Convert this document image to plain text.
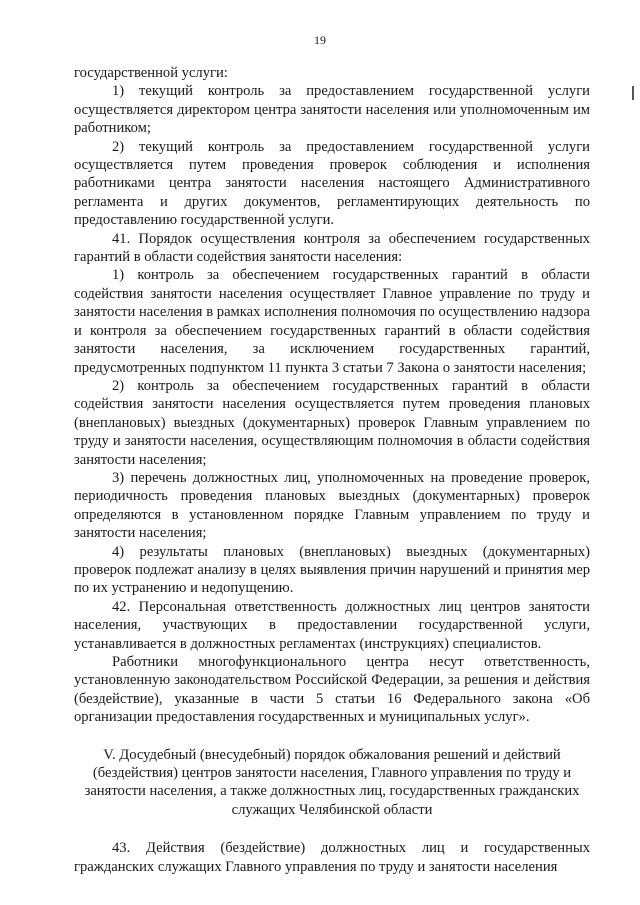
19

государственной услуги:

1) текущий контроль за предоставлением государственной услуги осуществляется директором центра занятости населения или уполномоченным им работником;

2) текущий контроль за предоставлением государственной услуги осуществляется путем проведения проверок соблюдения и исполнения работниками центра занятости населения настоящего Административного регламента и других документов, регламентирующих деятельность по предоставлению государственной услуги.

41. Порядок осуществления контроля за обеспечением государственных гарантий в области содействия занятости населения:

1) контроль за обеспечением государственных гарантий в области содействия занятости населения осуществляет Главное управление по труду и занятости населения в рамках исполнения полномочия по осуществлению надзора и контроля за обеспечением государственных гарантий в области содействия занятости населения, за исключением государственных гарантий, предусмотренных подпунктом 11 пункта 3 статьи 7 Закона о занятости населения;

2) контроль за обеспечением государственных гарантий в области содействия занятости населения осуществляется путем проведения плановых (внеплановых) выездных (документарных) проверок Главным управлением по труду и занятости населения, осуществляющим полномочия в области содействия занятости населения;

3) перечень должностных лиц, уполномоченных на проведение проверок, периодичность проведения плановых выездных (документарных) проверок определяются в установленном порядке Главным управлением по труду и занятости населения;

4) результаты плановых (внеплановых) выездных (документарных) проверок подлежат анализу в целях выявления причин нарушений и принятия мер по их устранению и недопущению.

42. Персональная ответственность должностных лиц центров занятости населения, участвующих в предоставлении государственной услуги, устанавливается в должностных регламентах (инструкциях) специалистов.

Работники многофункционального центра несут ответственность, установленную законодательством Российской Федерации, за решения и действия (бездействие), указанные в части 5 статьи 16 Федерального закона «Об организации предоставления государственных и муниципальных услуг».

V. Досудебный (внесудебный) порядок обжалования решений и действий
(бездействия) центров занятости населения, Главного управления по труду и
занятости населения, а также должностных лиц, государственных гражданских
служащих Челябинской области

43. Действия (бездействие) должностных лиц и государственных гражданских служащих Главного управления по труду и занятости населения
